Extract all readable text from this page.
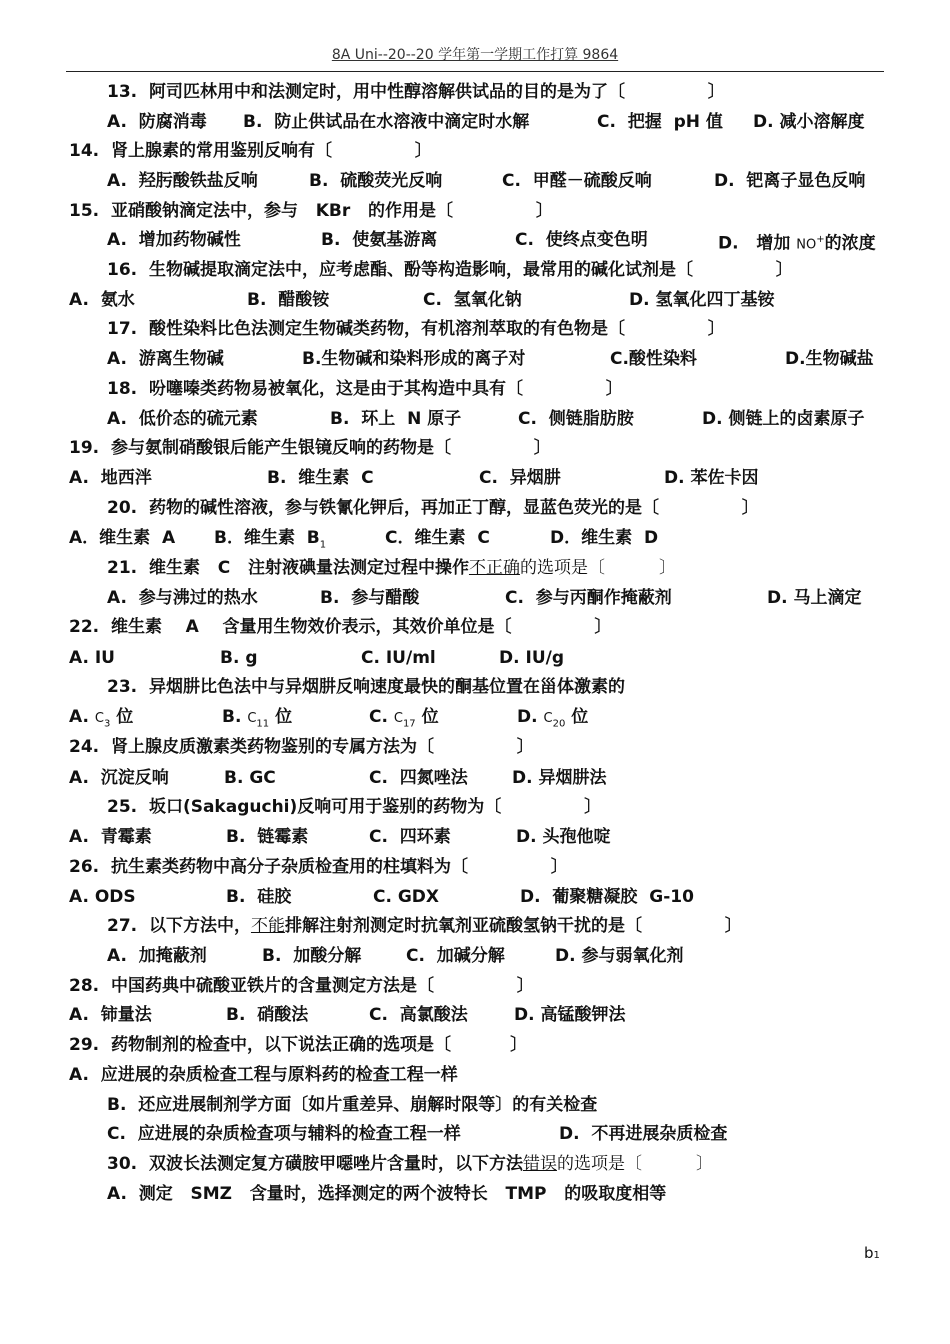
8A Uni--20--20 学年第一学期工作打算 9864
13.  阿司匹林用中和法测定时，用中性醇溶解供试品的目的是为了〔              〕

A.  防腐消毒

B.  防止供试品在水溶液中滴定时水解

	C.  把握  pH 值

D. 减小溶解度

14.  肾上腺素的常用鉴别反响有〔              〕

A.  羟肟酸铁盐反响

	B.  硫酸荧光反响

	C.  甲醛－硫酸反响

	D.  钯离子显色反响

15.  亚硝酸钠滴定法中，参与   KBr   的作用是〔              〕

A.  增加药物碱性

	B.  使氨基游离

	C.  使终点变色明

	D.   增加 NO+的浓度

16.  生物碱提取滴定法中，应考虑酯、酚等构造影响，最常用的碱化试剂是〔              〕

A.  氨水

	B.  醋酸铵

	C.  氢氧化钠

	D. 氢氧化四丁基铵

17.  酸性染料比色法测定生物碱类药物，有机溶剂萃取的有色物是〔              〕

A.  游离生物碱

	B.生物碱和染料形成的离子对

	C.酸性染料

	D.生物碱盐

18.  吩噻嗪类药物易被氧化，这是由于其构造中具有〔              〕

A.  低价态的硫元素

	B.  环上  N 原子

	C.  侧链脂肪胺

	D. 侧链上的卤素原子

19.  参与氨制硝酸银后能产生银镜反响的药物是〔              〕

A.  地西泮

	B.  维生素  C

	C.  异烟肼

	D. 苯佐卡因

20.  药物的碱性溶液，参与铁氰化钾后，再加正丁醇，显蓝色荧光的是〔              〕

A．维生素  A

B．维生素  $B_1$

	C．维生素  C

	D．维生素  D

21.  维生素   C   注射液碘量法测定过程中操作不正确的选项是〔          〕

A.  参与沸过的热水

	B.  参与醋酸

	C.  参与丙酮作掩蔽剂

	D. 马上滴定

22.  维生素    A    含量用生物效价表示，其效价单位是〔              〕

A. IU

	B. g

	C. IU/ml

	D. IU/g

23.  异烟肼比色法中与异烟肼反响速度最快的酮基位置在甾体激素的

A. $C_3$ 位

	B. $C_{11}$ 位

	C. $C_{17}$ 位

	D. $C_{20}$ 位

24.  肾上腺皮质激素类药物鉴别的专属方法为〔              〕

A.  沉淀反响

	B. GC

	C.  四氮唑法

	D. 异烟肼法

25.  坂口(Sakaguchi)反响可用于鉴别的药物为〔              〕

A.  青霉素

	B.  链霉素

	C.  四环素

	D. 头孢他啶

26.  抗生素类药物中高分子杂质检查用的柱填料为〔              〕

A. ODS

	B.  硅胶

	C. GDX

	D.  葡聚糖凝胶  G-10

27.  以下方法中，不能排解注射剂测定时抗氧剂亚硫酸氢钠干扰的是〔              〕

A.  加掩蔽剂

	B.  加酸分解

	C.  加碱分解

	D. 参与弱氧化剂

28.  中国药典中硫酸亚铁片的含量测定方法是〔              〕

A.  铈量法

	B.  硝酸法

	C.  高氯酸法

	D. 高锰酸钾法

29.  药物制剂的检查中，以下说法正确的选项是〔          〕
A.  应进展的杂质检查工程与原料药的检查工程一样
B.  还应进展制剂学方面〔如片重差异、崩解时限等〕的有关检查

C.  应进展的杂质检查项与辅料的检查工程一样

	D.  不再进展杂质检查

30.  双波长法测定复方磺胺甲噁唑片含量时，以下方法错误的选项是〔          〕
A.  测定   SMZ   含量时，选择测定的两个波特长   TMP   的吸取度相等
b1
